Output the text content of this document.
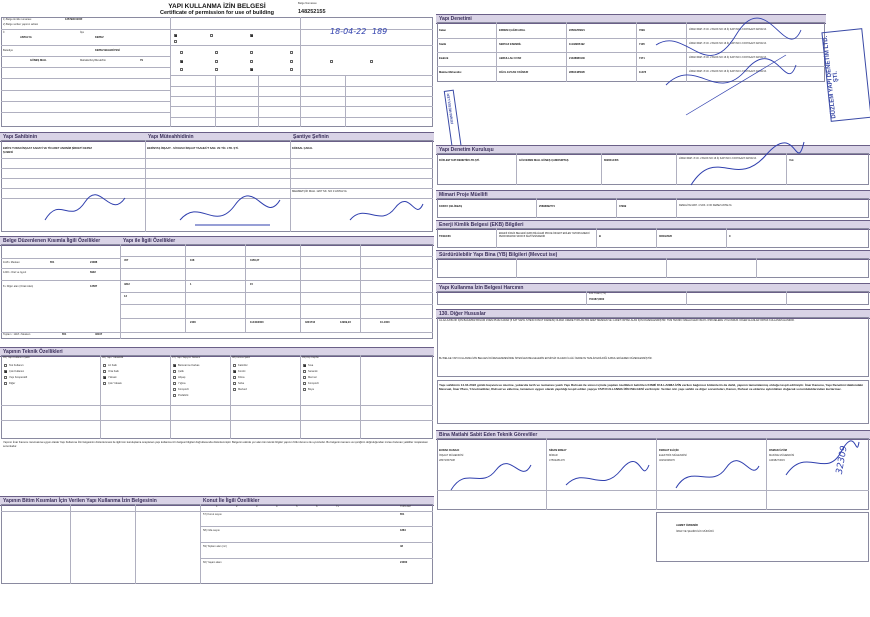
YAPI KULLANMA İZİN BELGESİ
Certificate of permission for use of building
Belge Numarası
148252155
1) Belge kimlik numarası	1257B4C4C8F
2) Belge verilen yapının adresi
İl
ANTALYA
İlçe
KEPEZ
Belediye	KEPEZ BELEDİYESİ
GÜNEŞ MAH.	Mahalle/Köy/Mevki/No	79
18-04-22 189
Yapı Sahibinin	Yapı Müteahhidinin	Şantiye Şefinin
EMİYE TURAN İNŞAAT SANAYİ VE TİCARET ANONİM ŞİRKETİ KEPEZ ŞUBESİ
BEZİNTAŞ İNŞAAT - SİYAHSU İNŞAAT TAAHHÜT SAN. VE TİC. LTD. ŞTİ.	KÖKSAL ÇAKAL
MEHMETÇİK MAH. 1267 SK. NO 3 ANTALYA
Belge Düzenlenen Kısımla İlgili Özellikler	Yapı ile İlgili Özellikler
1118 • Mesken	651	24088
1230 • Otel ve Işyeri	6902
8 • Diğer alan (Ortak Alan)	12587
Toplam : 1118 • Mesken	651	46107
457	108	3156,27
4812	1	15
13
2400	11440/2000	3201716	12909,23	10-1000
Yapının Teknik Özellikleri
45) Yapı Kullanım Şekli	46) Yapı Yükseklik	47) Yapı Taşıyıcı Sistemi	48) Isıtma Şekli	49) Dış Cephe
Tek Kullanıcı
Çok Kullanıcı
Yapı Kooperatifi
Diğer
Az Katlı
Orta Katlı
Yüksek
Çok Yüksek
Betonarme Karkas
Çelik
Ahşap
Yığma
Kompozit
Prefabrik
Kalorifer
Kombi
Klima
Soba
Merkezi
Sıva
Seramik
Mermer
Kompozit
Boya
Yapının İmar Kanunu mevzuatına uygun olarak Yapı Kullanma İzin belgesinin düzenlenmesi ile ilgili tüm kuruluşlarca onaylanan yapı kullanma izin belgesi bilgileri doğrultusunda düzenlenmiştir. Belgenin ekinde yer alan tüm teknik bilgiler yapının fiziki durumu ile uyumludur. Bu belgenin tamamı ve içeriğinin doğruluğundan imzası bulunan yetkililer müştereken sorumludur.
Yapının Bitim Kısımları İçin Verilen Yapı Kullanma İzin Belgesinin	Konut İle İlgili Özellikler
1	2	3	4	5	6	7+	TOPLAM
57) Konut sayısı	651
58) Oda sayısı	1884
59) Toplam alan (m²)	48
60) Yaşam alanı	24000
Yapı Denetimi
Kalan	ERDEM ÇAĞRI ARAL	22581256621	7699	LİMAN MAH. 8 CK. 2 BLOK NO 16 İÇ KAPI NO 1 KONYAALTI ANTALYA
Statik	SERVAZ ESENDİL	11148965492	7105	LİMAN MAH. 8 CK. 2 BLOK NO 16 İÇ KAPI NO 1 KONYAALTI ANTALYA
Elektrik	ABDULLAH UYAR	21338880130	7471	LİMAN MAH. 8 CK. 2 BLOK NO 16 İÇ KAPI NO 1 KONYAALTI ANTALYA
Makine Mühendisi	OĞUL EVCAN YAĞMUR	28604485095	11478	LİMAN MAH. 8 CK. 2 BLOK NO 16 İÇ KAPI NO 1 KONYAALTI ANTALYA
FENNİ MESULLER	DÜZLEM YAPI DENETİM LTD. ŞTİ.
Yapı Denetim Kuruluşu
DÜZLEM YAPI DENETİM LTD.ŞTİ.	GÜLVEREN MAH. GÜNEŞ ÇAMOSIRTAŞ	8028414456
LİMAN MAH. 8 CK. 2 BLOK NO 16 İÇ KAPI NO 1 KONYAALTI ANTALYA
Yok
Mimari Proje Müellifi
KORAY ÇELİKBAŞ	25896892774	37999	KEMALİYE MAH. 4 SOK. 2 NO KEPEZ ANTALYA
Enerji Kimlik Belgesi (EKB) Bilgileri
TKSEC66
ENERJİ KİMLİK BELGESİ (EKB) BİLGİLERİ PROJE İNKADIT EDİLEN YAPININ ENERJİ PERFORMANSI SINIFI B SEVİYESİNDEDİR	B	06/04/2026	C
Sürdürülebilir Yapı Bina (YB) Bilgileri (Mevcut ise)
Yapı Kullanma İzin Belgesi Harcının
121 Tutarı (TL)
701087,8000
130. Diğer Hususlar
A1-A2-A3 BLOK İÇİN BAĞIMSIZ BÖLÜM 1'DEN 651'E KADAR (5 KAT SAHİL SİTESİ KONUT DAİRESİ) OLMAK ÜZERE TOPLAM 651 ADET MESKEN VE 1 ADET ORTAK ALAN İÇİN DÜZENLENMİŞTİR. TÜM TEKNİK ÖZELLİKLER ONAYLI PROJELERE UYGUNDUR. DİĞER ALANLAR ORTAK KULLANIM ALANIDIR.
BU BELGE YAPI KULLANMA İZİN BELGESİ DÜZENLENMESİNDE İSTENİLEN BELGELERİN EKSİKSİZ OLARAK İLGİLİ İDAREYE TESLİM EDİLDİĞİ KABUL EDİLEREK DÜZENLENMİŞTİR.
Yapı sahibinin 14.04.2022 günlü başvurusu üzerine, yukarıda tarih ve numarası yazılı Yapı Ruhsatı ile süresi içinde yapılan özellikleri belirtilen KISMİ KULLANMA İZİN verilen bağımsız bölümlerin da dahil, yapının tamamlanmış olduğu tespit edilmiştir. İmar Kanunu, Yapı Denetimi Hakkındaki Mevzuat, İmar Planı, Yönetmelikler, Ruhsat ve eklerine, tamamen uygun olarak yapıldığı tespit edilen yapıya YAPI KULLANMA İZİN BELGESİ verilmiştir. Verilen izin yapı sahibi ve diğer sorumluları, Kanun, Ruhsat ve eklerine aykırılıktan doğacak sorumluluklarından kurtarmaz.
Bina Matlahi Sabit Eden Teknik Görevliler
BURAK DANACI
İNŞAAT MÜHENDİSİ
28971657938
SİNAN ERBAY
MİMAR
47562281476
FERHAT ELİÇİN
ELEKTRİK MÜHENDİSİ
40291938476
OSMAN ÜZÜM
MAKİNE MÜHENDİSİ
44938273615	32309
AHMET ÖZDEMİR
İMAR VE ŞEHİRCİLİK MÜDÜRÜ
